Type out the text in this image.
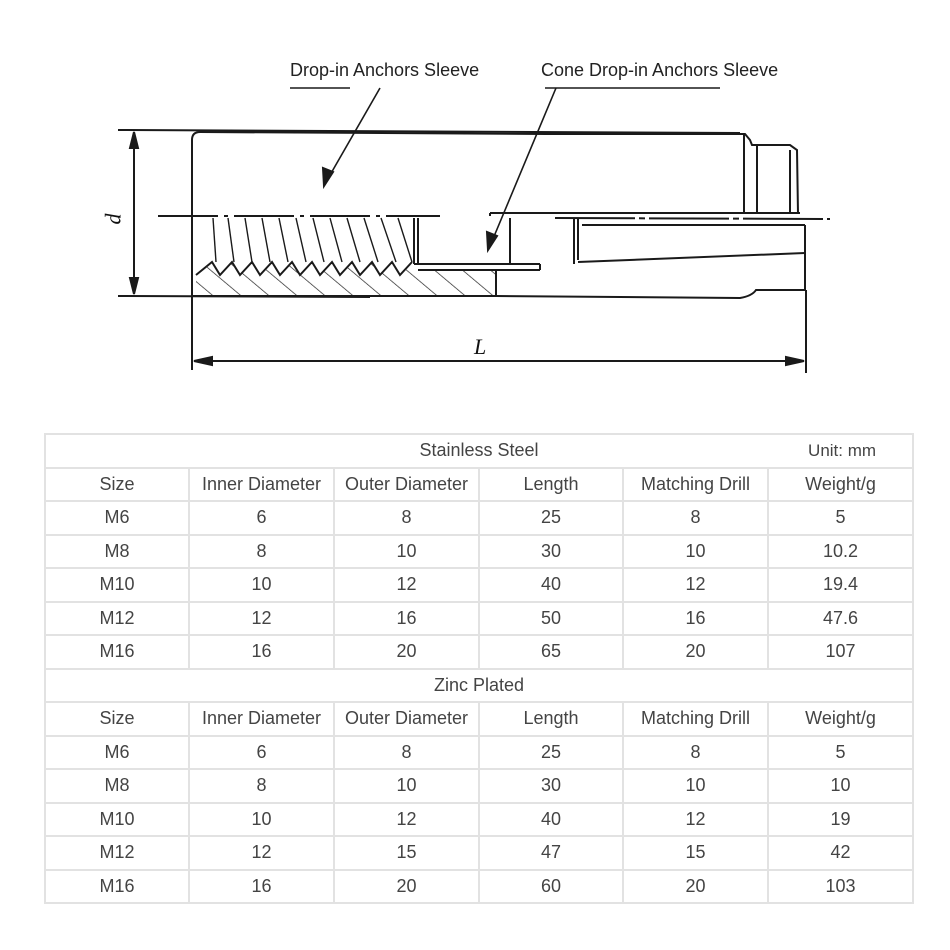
Drop-in Anchors Sleeve	Cone Drop-in Anchors Sleeve
d
L
Stainless Steel Unit: mm					

Size	Inner Diameter	Outer Diameter	Length	Matching Drill	Weight/g
M6	6	8	25	8	5
M8	8	10	30	10	10.2
M10	10	12	40	12	19.4
M12	12	16	50	16	47.6
M16	16	20	65	20	107
Zinc Plated					
Size	Inner Diameter	Outer Diameter	Length	Matching Drill	Weight/g
M6	6	8	25	8	5
M8	8	10	30	10	10
M10	10	12	40	12	19
M12	12	15	47	15	42
M16	16	20	60	20	103
